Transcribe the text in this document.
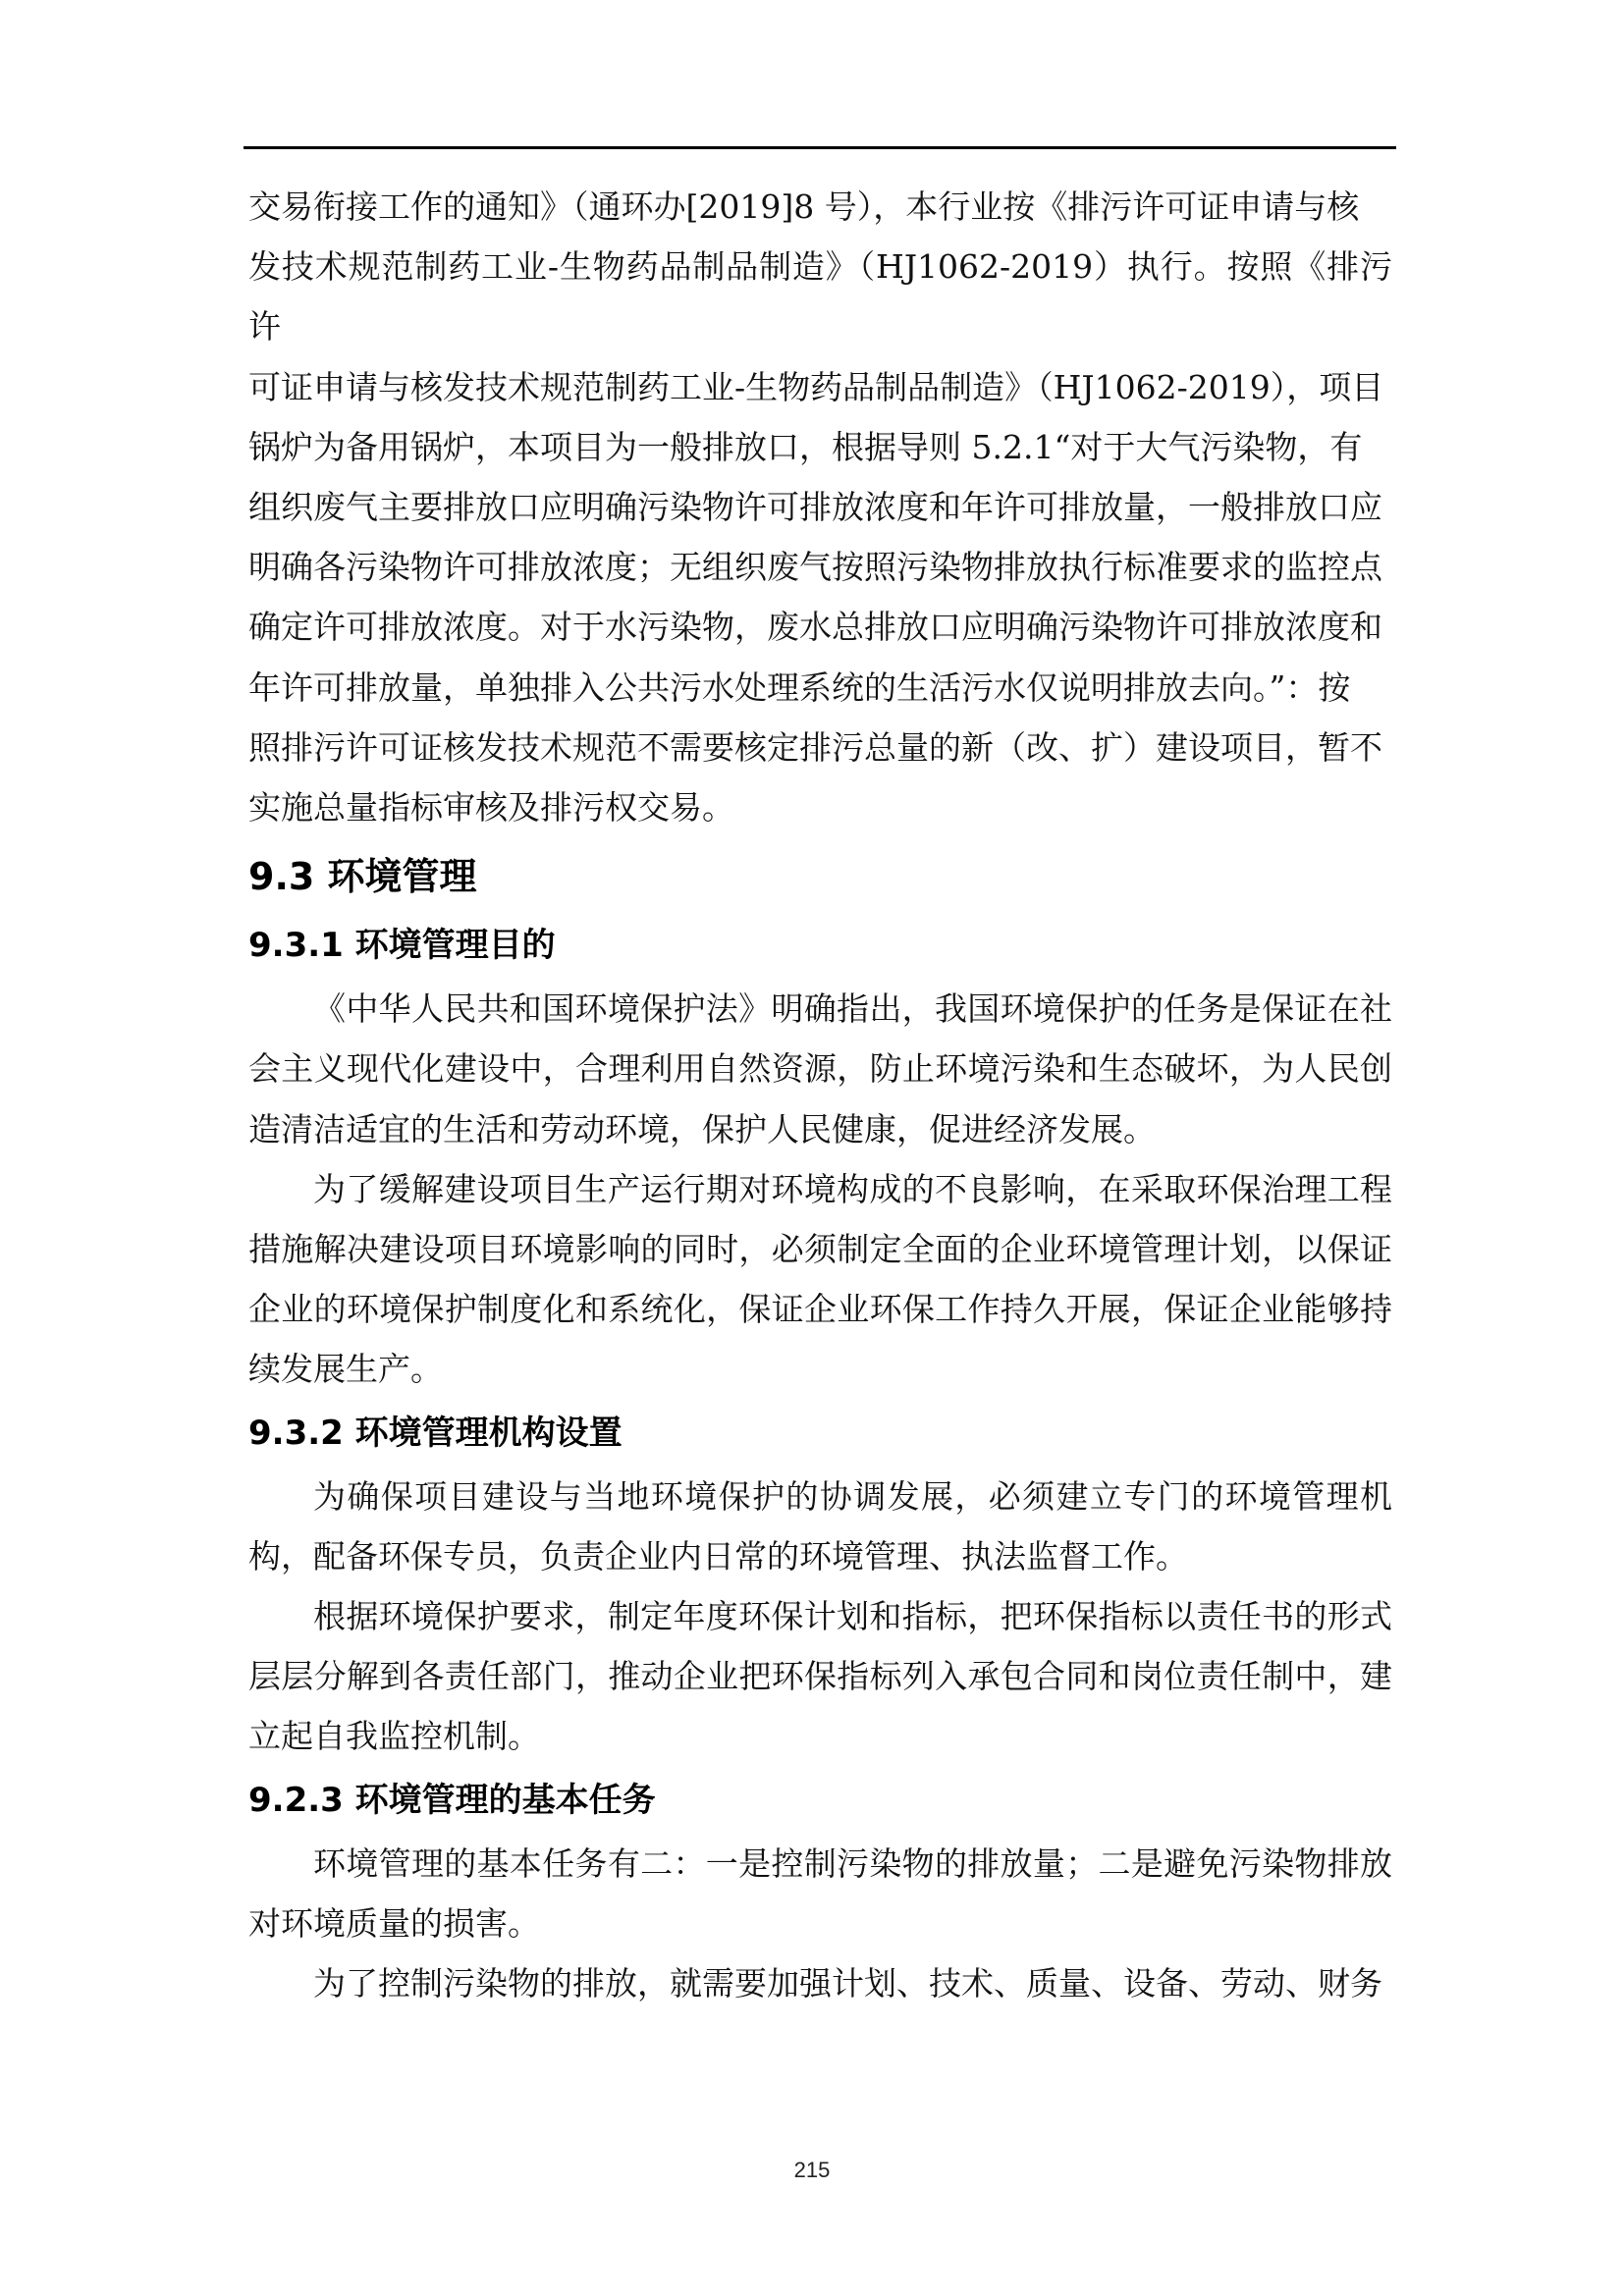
交易衔接工作的通知》（通环办[2019]8 号），本行业按《排污许可证申请与核
发技术规范制药工业-生物药品制品制造》（HJ1062-2019）执行。按照《排污许
可证申请与核发技术规范制药工业-生物药品制品制造》（HJ1062-2019），项目
锅炉为备用锅炉，本项目为一般排放口，根据导则 5.2.1“对于大气污染物，有
组织废气主要排放口应明确污染物许可排放浓度和年许可排放量，一般排放口应
明确各污染物许可排放浓度；无组织废气按照污染物排放执行标准要求的监控点
确定许可排放浓度。对于水污染物，废水总排放口应明确污染物许可排放浓度和
年许可排放量，单独排入公共污水处理系统的生活污水仅说明排放去向。”：按
照排污许可证核发技术规范不需要核定排污总量的新（改、扩）建设项目，暂不
实施总量指标审核及排污权交易。
9.3 环境管理
9.3.1 环境管理目的

《中华人民共和国环境保护法》明确指出，我国环境保护的任务是保证在社会主义现代化建设中，合理利用自然资源，防止环境污染和生态破坏，为人民创造清洁适宜的生活和劳动环境，保护人民健康，促进经济发展。

为了缓解建设项目生产运行期对环境构成的不良影响，在采取环保治理工程措施解决建设项目环境影响的同时，必须制定全面的企业环境管理计划，以保证企业的环境保护制度化和系统化，保证企业环保工作持久开展，保证企业能够持续发展生产。

9.3.2 环境管理机构设置

为确保项目建设与当地环境保护的协调发展，必须建立专门的环境管理机构，配备环保专员，负责企业内日常的环境管理、执法监督工作。

根据环境保护要求，制定年度环保计划和指标，把环保指标以责任书的形式层层分解到各责任部门，推动企业把环保指标列入承包合同和岗位责任制中，建立起自我监控机制。

9.2.3 环境管理的基本任务

环境管理的基本任务有二：一是控制污染物的排放量；二是避免污染物排放对环境质量的损害。

为了控制污染物的排放，就需要加强计划、技术、质量、设备、劳动、财务

215
